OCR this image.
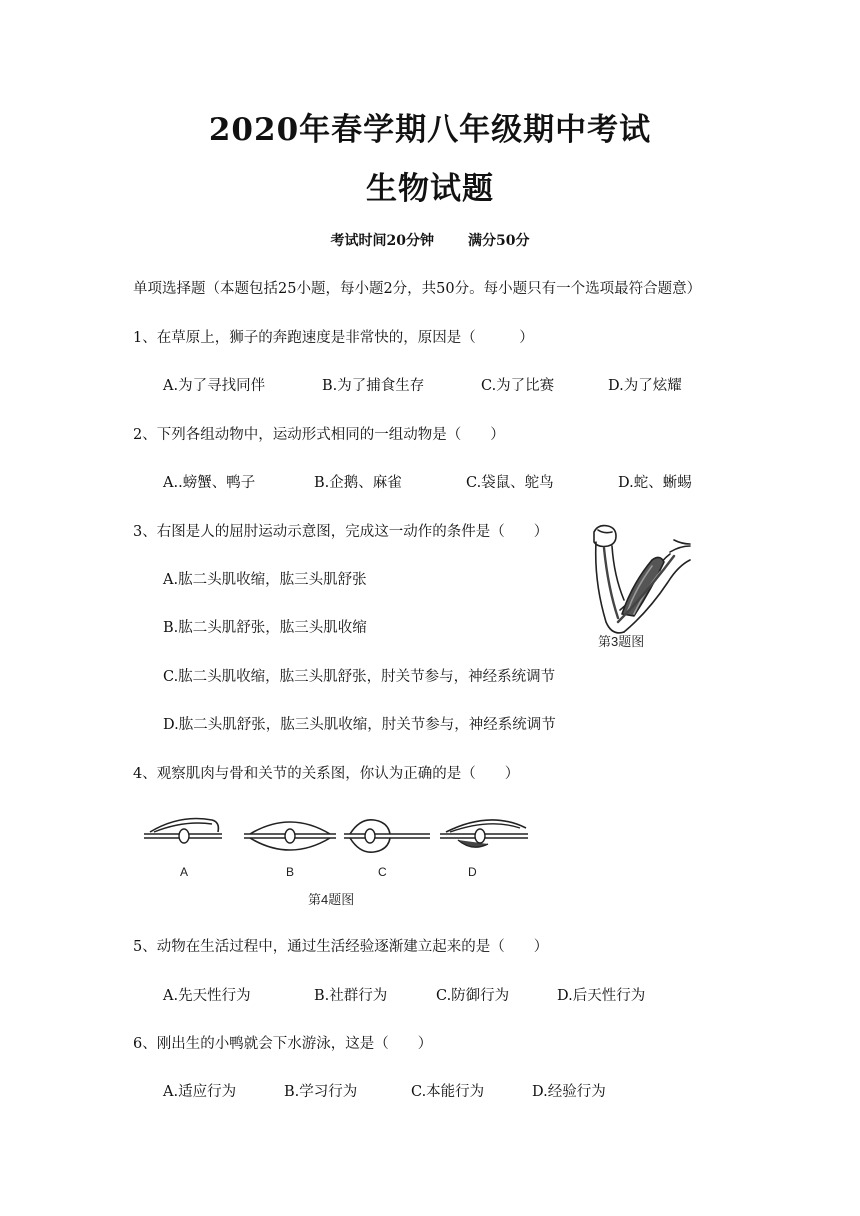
2020年春学期八年级期中考试
生物试题
考试时间20分钟 满分50分
单项选择题（本题包括25小题，每小题2分，共50分。每小题只有一个选项最符合题意）
1、在草原上，狮子的奔跑速度是非常快的，原因是（　　　）
A.为了寻找同伴	B.为了捕食生存	C.为了比赛	D.为了炫耀
2、下列各组动物中，运动形式相同的一组动物是（　　）
A..螃蟹、鸭子	B.企鹅、麻雀	C.袋鼠、鸵鸟	D.蛇、蜥蜴
3、右图是人的屈肘运动示意图，完成这一动作的条件是（　　）
A.肱二头肌收缩，肱三头肌舒张
B.肱二头肌舒张，肱三头肌收缩
C.肱二头肌收缩，肱三头肌舒张，肘关节参与，神经系统调节
D.肱二头肌舒张，肱三头肌收缩，肘关节参与，神经系统调节
第3题图
4、观察肌肉与骨和关节的关系图，你认为正确的是（　　）
A	B	C	D
第4题图
5、动物在生活过程中，通过生活经验逐渐建立起来的是（　　）
A.先天性行为	B.社群行为	C.防御行为	D.后天性行为
6、刚出生的小鸭就会下水游泳，这是（　　）
A.适应行为	B.学习行为	C.本能行为	D.经验行为
